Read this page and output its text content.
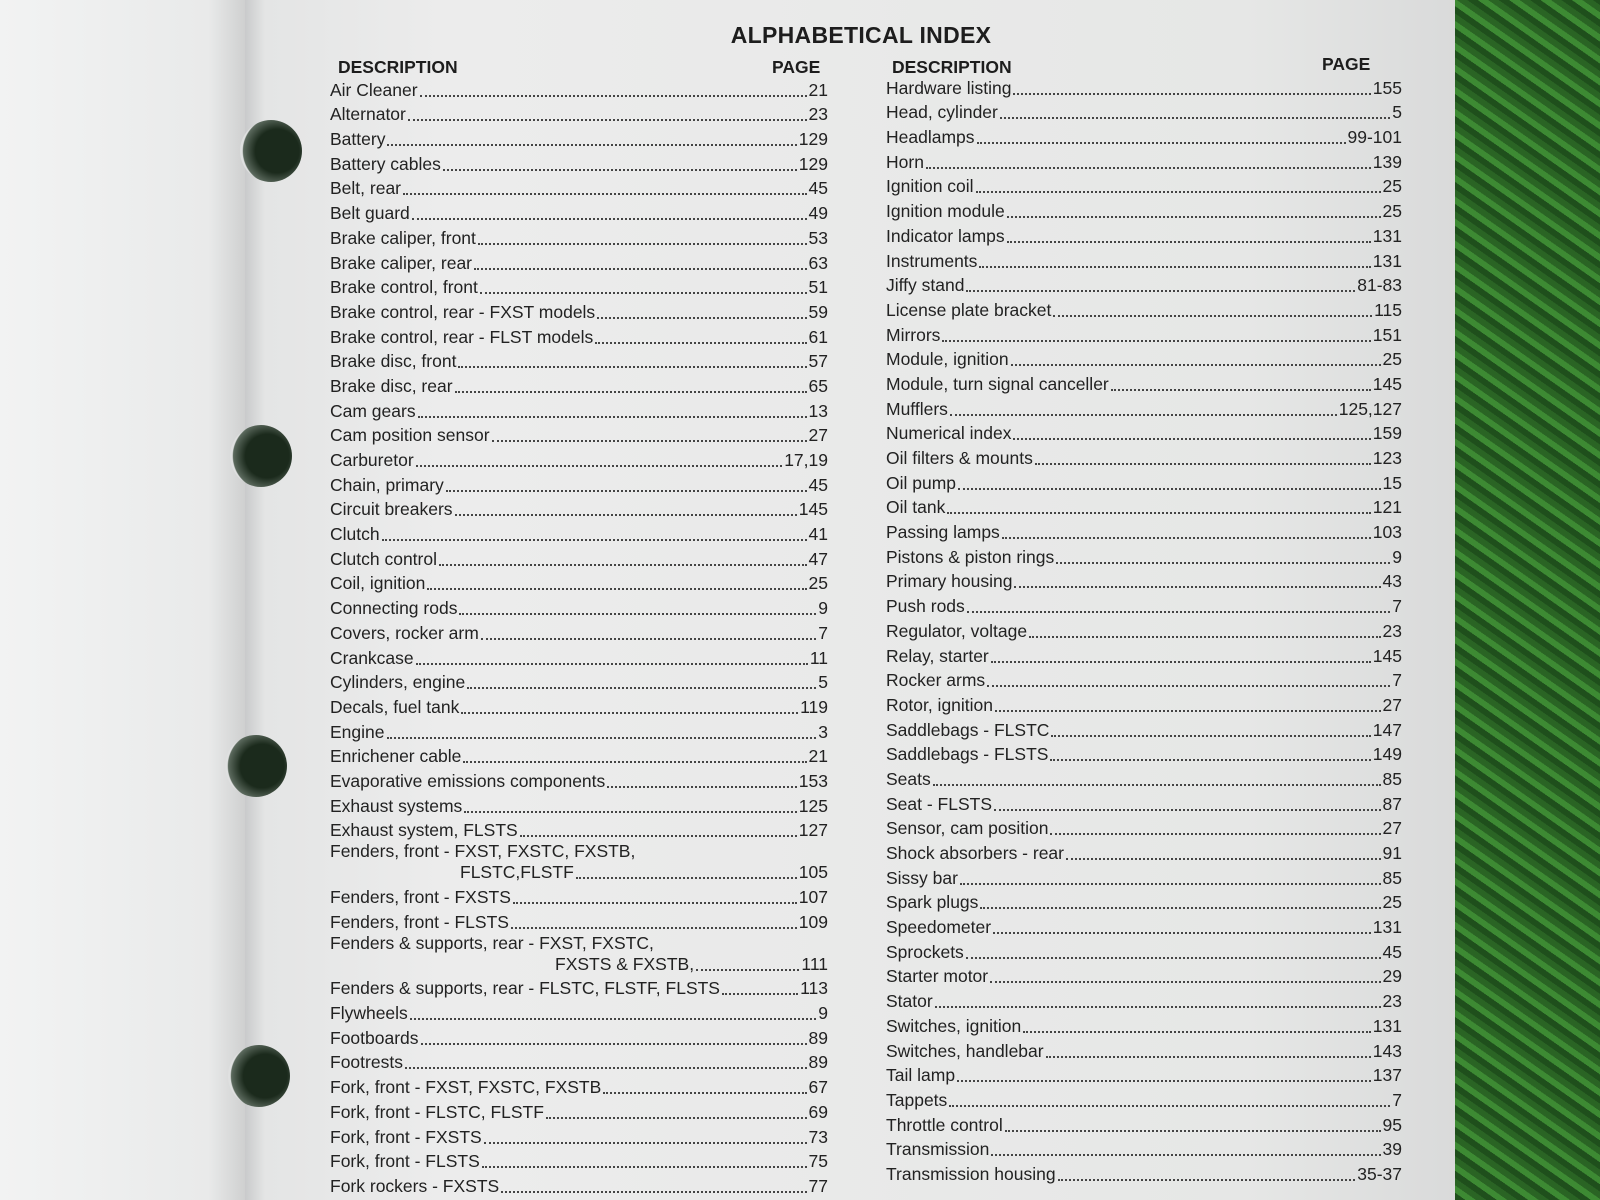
ALPHABETICAL INDEX
DESCRIPTION	PAGE	DESCRIPTION	PAGE
Air Cleaner	21
Alternator	23
Battery	129
Battery cables	129
Belt, rear	45
Belt guard	49
Brake caliper, front	53
Brake caliper, rear	63
Brake control, front	51
Brake control, rear - FXST models	59
Brake control, rear - FLST models	61
Brake disc, front	57
Brake disc, rear	65
Cam gears	13
Cam position sensor	27
Carburetor	17,19
Chain, primary	45
Circuit breakers	145
Clutch	41
Clutch control	47
Coil, ignition	25
Connecting rods	9
Covers, rocker arm	7
Crankcase	11
Cylinders, engine	5
Decals, fuel tank	119
Engine	3
Enrichener cable	21
Evaporative emissions components	153
Exhaust systems	125
Exhaust system, FLSTS	127
Fenders, front - FXST, FXSTC, FXSTB,
FLSTC,FLSTF	105
Fenders, front - FXSTS	107
Fenders, front - FLSTS	109
Fenders & supports, rear - FXST, FXSTC,
FXSTS & FXSTB,	111
Fenders & supports, rear - FLSTC, FLSTF, FLSTS	113
Flywheels	9
Footboards	89
Footrests	89
Fork, front - FXST, FXSTC, FXSTB	67
Fork, front - FLSTC, FLSTF	69
Fork, front - FXSTS	73
Fork, front - FLSTS	75
Fork rockers - FXSTS	77
Hardware listing	155
Head, cylinder	5
Headlamps	99-101
Horn	139
Ignition coil	25
Ignition module	25
Indicator lamps	131
Instruments	131
Jiffy stand	81-83
License plate bracket	115
Mirrors	151
Module, ignition	25
Module, turn signal canceller	145
Mufflers	125,127
Numerical index	159
Oil filters & mounts	123
Oil pump	15
Oil tank	121
Passing lamps	103
Pistons & piston rings	9
Primary housing	43
Push rods	7
Regulator, voltage	23
Relay, starter	145
Rocker arms	7
Rotor, ignition	27
Saddlebags - FLSTC	147
Saddlebags - FLSTS	149
Seats	85
Seat - FLSTS	87
Sensor, cam position	27
Shock absorbers - rear	91
Sissy bar	85
Spark plugs	25
Speedometer	131
Sprockets	45
Starter motor	29
Stator	23
Switches, ignition	131
Switches, handlebar	143
Tail lamp	137
Tappets	7
Throttle control	95
Transmission	39
Transmission housing	35-37
